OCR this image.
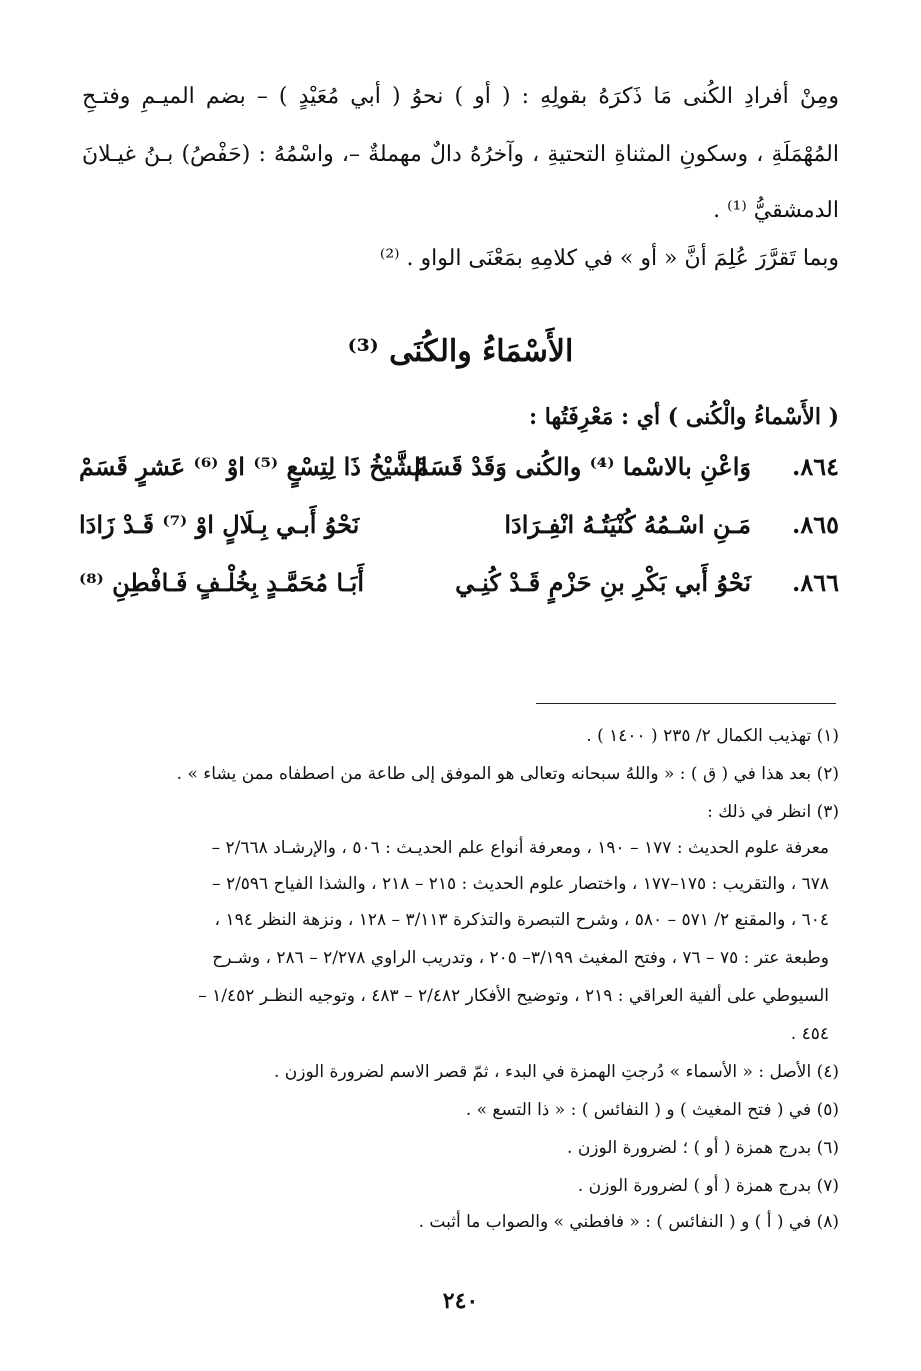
ومِنْ أفرادِ الكُنى مَا ذَكرَهُ بقولِهِ : ( أو ) نحوُ ( أبي مُعَيْدٍ ) – بضم الميـمِ وفتـحِ
المُهْمَلَةِ ، وسكونِ المثناةِ التحتيةِ ، وآخرُهُ دالٌ مهملةٌ –، واسْمُهُ : (حَفْصُ) بـنُ غيـلانَ
الدمشقيُّ ⁽¹⁾ .
وبما تَقرَّرَ عُلِمَ أنَّ « أو » في كلامِهِ بمَعْنَى الواو . ⁽²⁾
الأَسْمَاءُ والكُنَى ⁽³⁾
( الأَسْماءُ والْكُنى ) أي : مَعْرِفَتُها :
٨٦٤.
وَاعْنِ بالاسْما ⁽⁴⁾ والكُنى وَقَدْ قَسَمْ
الشَّيْخُ ذَا لِتِسْعٍ ⁽⁵⁾ اوْ ⁽⁶⁾ عَشرٍ قَسَمْ
٨٦٥.
مَـنِ اسْـمُهُ كُنْيَتُـهُ انْفِـرَادَا
نَحْوُ أَبـي بِـلَالٍ اوْ ⁽⁷⁾ قَـدْ زَادَا
٨٦٦.
نَحْوُ أَبي بَكْرِ بنِ حَزْمٍ قَـدْ كُنِـي
أَبَـا مُحَمَّـدٍ بِخُلْـفٍ فَـافْطِنِ ⁽⁸⁾
(١) تهذيب الكمال ٢/ ٢٣٥ ( ١٤٠٠ ) .
(٢) بعد هذا في ( ق ) : « واللهُ سبحانه وتعالى هو الموفق إلى طاعة من اصطفاه ممن يشاء » .
(٣) انظر في ذلك :
معرفة علوم الحديث : ١٧٧ – ١٩٠ ، ومعرفة أنواع علم الحديـث : ٥٠٦ ، والإرشـاد ٢/٦٦٨ –
٦٧٨ ، والتقريب : ١٧٥–١٧٧ ، واختصار علوم الحديث : ٢١٥ – ٢١٨ ، والشذا الفياح ٢/٥٩٦ –
٦٠٤ ، والمقنع ٢/ ٥٧١ – ٥٨٠ ، وشرح التبصرة والتذكرة ٣/١١٣ – ١٢٨ ، ونزهة النظر ١٩٤ ،
وطبعة عتر : ٧٥ – ٧٦ ، وفتح المغيث ٣/١٩٩– ٢٠٥ ، وتدريب الراوي ٢/٢٧٨ – ٢٨٦ ، وشـرح
السيوطي على ألفية العراقي : ٢١٩ ، وتوضيح الأفكار ٢/٤٨٢ – ٤٨٣ ، وتوجيه النظـر ١/٤٥٢ –
٤٥٤ .
(٤) الأصل : « الأسماء » دُرجتِ الهمزة في البدء ، ثمّ قصر الاسم لضرورة الوزن .
(٥) في ( فتح المغيث ) و ( النفائس ) : « ذا التسع » .
(٦) بدرج همزة ( أو ) ؛ لضرورة الوزن .
(٧) بدرج همزة ( أو ) لضرورة الوزن .
(٨) في ( أ ) و ( النفائس ) : « فافطني » والصواب ما أثبت .
٢٤٠
